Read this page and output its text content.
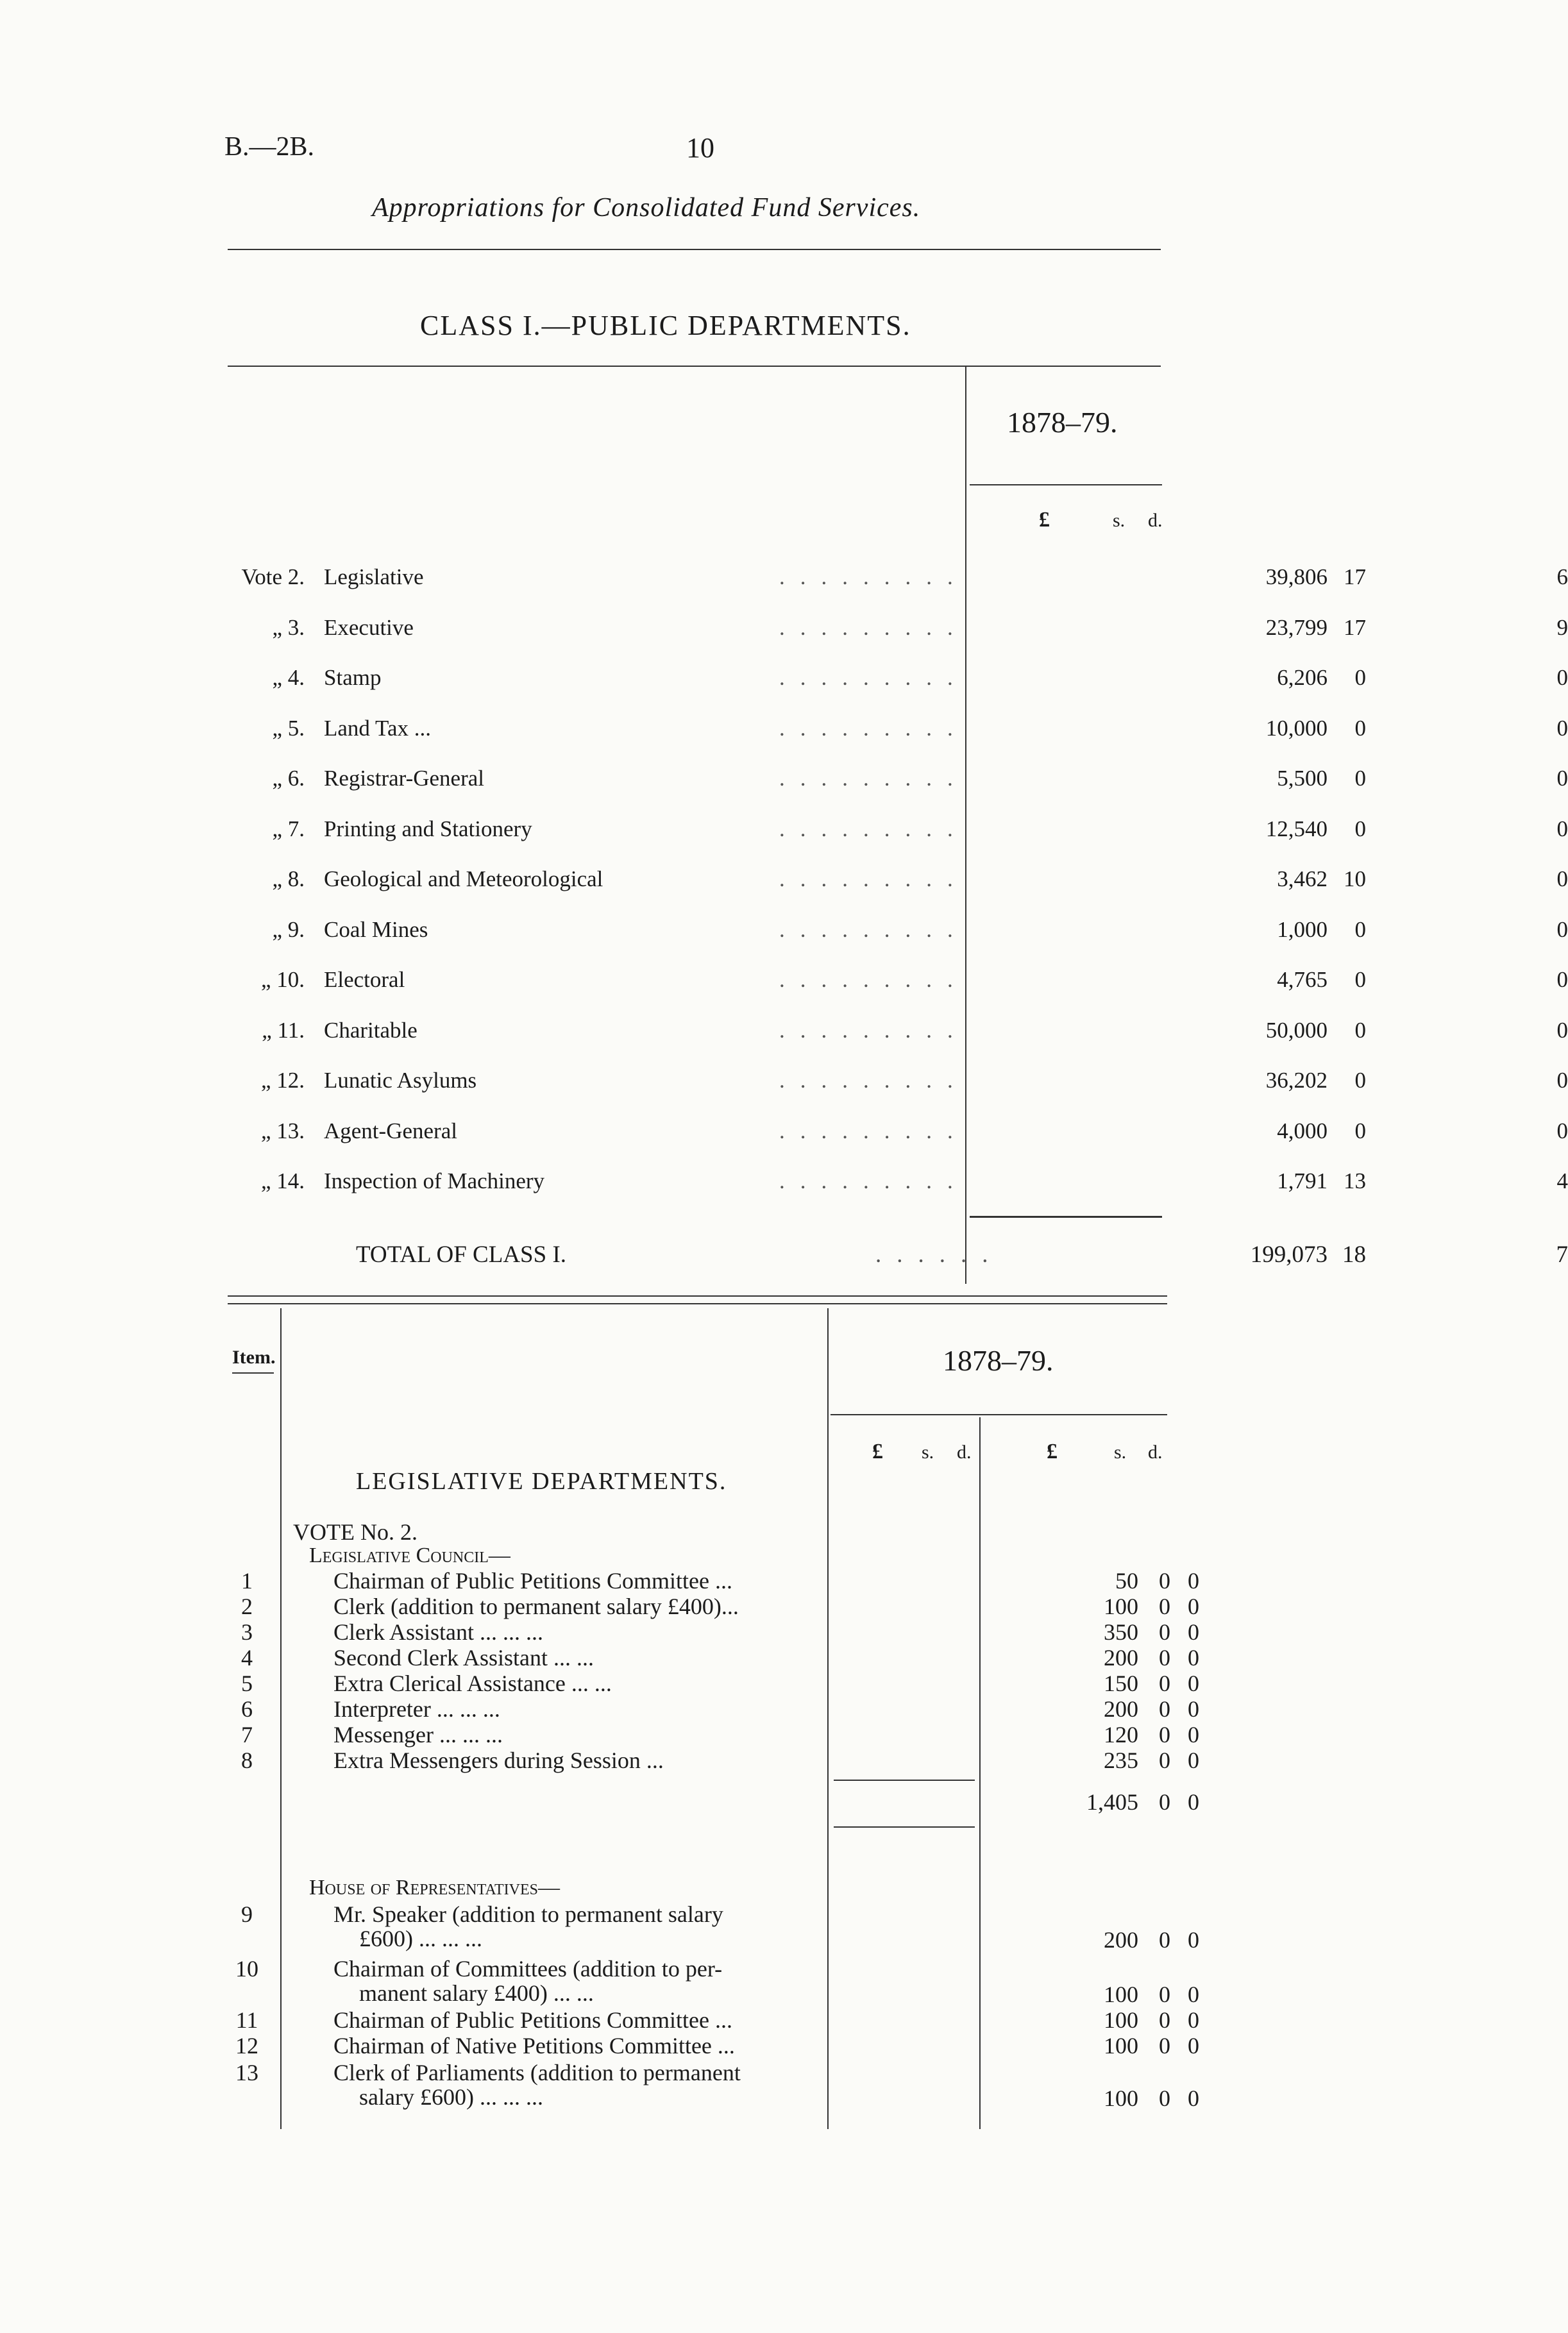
B.—2B.	10
Appropriations for Consolidated Fund Services.
CLASS I.—PUBLIC DEPARTMENTS.
1878–79.
£	s. d.
Vote 2. Legislative	.........	39,806 17	6
„ 3. Executive	.........	23,799 17	9
„ 4. Stamp	.........	6,206	0	0
„ 5. Land Tax ...	.........	10,000	0	0
„ 6. Registrar-General	.........	5,500	0	0
„ 7. Printing and Stationery	.........	12,540	0	0
„ 8. Geological and Meteorological	.........	3,462 10	0
„ 9. Coal Mines	.........	1,000	0	0
„ 10. Electoral	.........	4,765	0	0
„ 11. Charitable	.........	50,000	0	0
„ 12. Lunatic Asylums	.........	36,202	0	0
„ 13. Agent-General	.........	4,000	0	0
„ 14. Inspection of Machinery	.........	1,791 13	4
TOTAL OF CLASS I.	......	199,073 18	7
Item.	1878–79.
£ s. d.	£	s. d.
LEGISLATIVE DEPARTMENTS.
VOTE No. 2.
Legislative Council—
1	Chairman of Public Petitions Committee ...	50 0 0
2	Clerk (addition to permanent salary £400)...	100 0 0
3	Clerk Assistant ... ... ...	350 0 0
4	Second Clerk Assistant ... ...	200 0 0
5	Extra Clerical Assistance ... ...	150 0 0
6	Interpreter ... ... ...	200 0 0
7	Messenger ... ... ...	120 0 0
8	Extra Messengers during Session ...	235 0 0
1,405 0 0
House of Representatives—
9	Mr. Speaker (addition to permanent salary
£600) ... ... ...	200 0 0
10	Chairman of Committees (addition to per-
manent salary £400) ... ...	100 0 0
11	Chairman of Public Petitions Committee ...	100 0 0
12	Chairman of Native Petitions Committee ...	100 0 0
13	Clerk of Parliaments (addition to permanent
salary £600) ... ... ...	100 0 0
